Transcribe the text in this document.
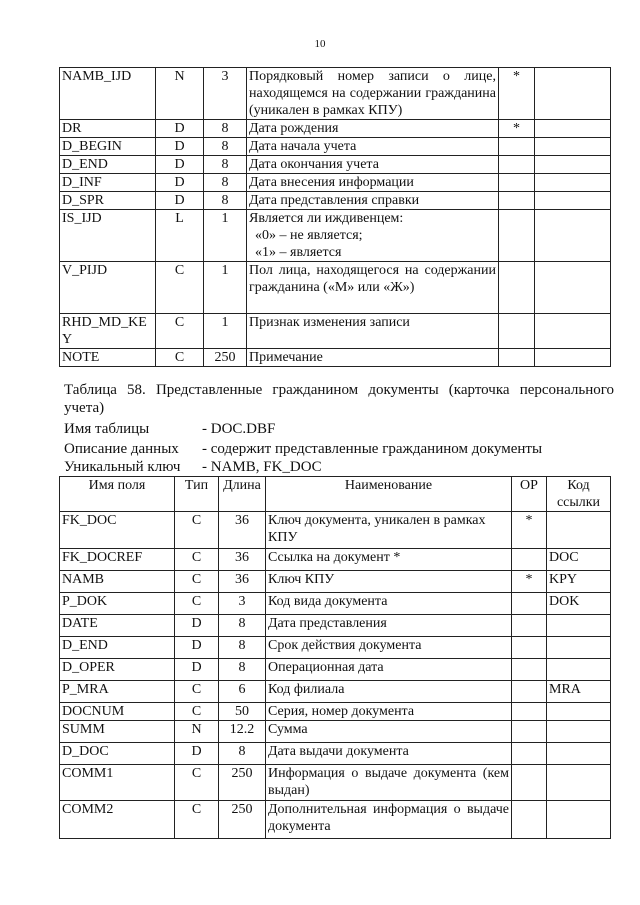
10
NAMB_IJD	N	3	Порядковый номер записи о лице, находящемся на содержании гражданина (уникален в рамках КПУ)	*	
DR	D	8	Дата рождения	*	
D_BEGIN	D	8	Дата начала учета		
D_END	D	8	Дата окончания учета		
D_INF	D	8	Дата внесения информации		
D_SPR	D	8	Дата представления справки		
IS_IJD	L	1	Является ли иждивенцем:
«0» – не является;
«1» – является		

V_PIJD	C	1	Пол лица, находящегося на содержании гражданина («М» или «Ж»)		
RHD_MD_KEY	C	1	Признак изменения записи		
NOTE	C	250	Примечание		
Таблица 58. Представленные гражданином документы (карточка персонального учета)
Имя таблицы	- DOC.DBF
Описание данных - содержит представленные гражданином документы
Уникальный ключ - NAMB, FK_DOC
Имя поля	Тип	Длина	Наименование	ОР	Код ссылки
FK_DOC	C	36	Ключ документа, уникален в рамках КПУ	*	
FK_DOCREF	C	36	Ссылка на документ *		DOC
NAMB	C	36	Ключ КПУ	*	KPY
P_DOK	C	3	Код вида документа		DOK
DATE	D	8	Дата представления		
D_END	D	8	Срок действия документа		
D_OPER	D	8	Операционная дата		
P_MRA	C	6	Код филиала		MRA
DOCNUM	C	50	Серия, номер документа		
SUMM	N	12.2	Сумма		
D_DOC	D	8	Дата выдачи документа		
COMM1	C	250	Информация о выдаче документа (кем выдан)		
COMM2	C	250	Дополнительная информация о выдаче документа		
